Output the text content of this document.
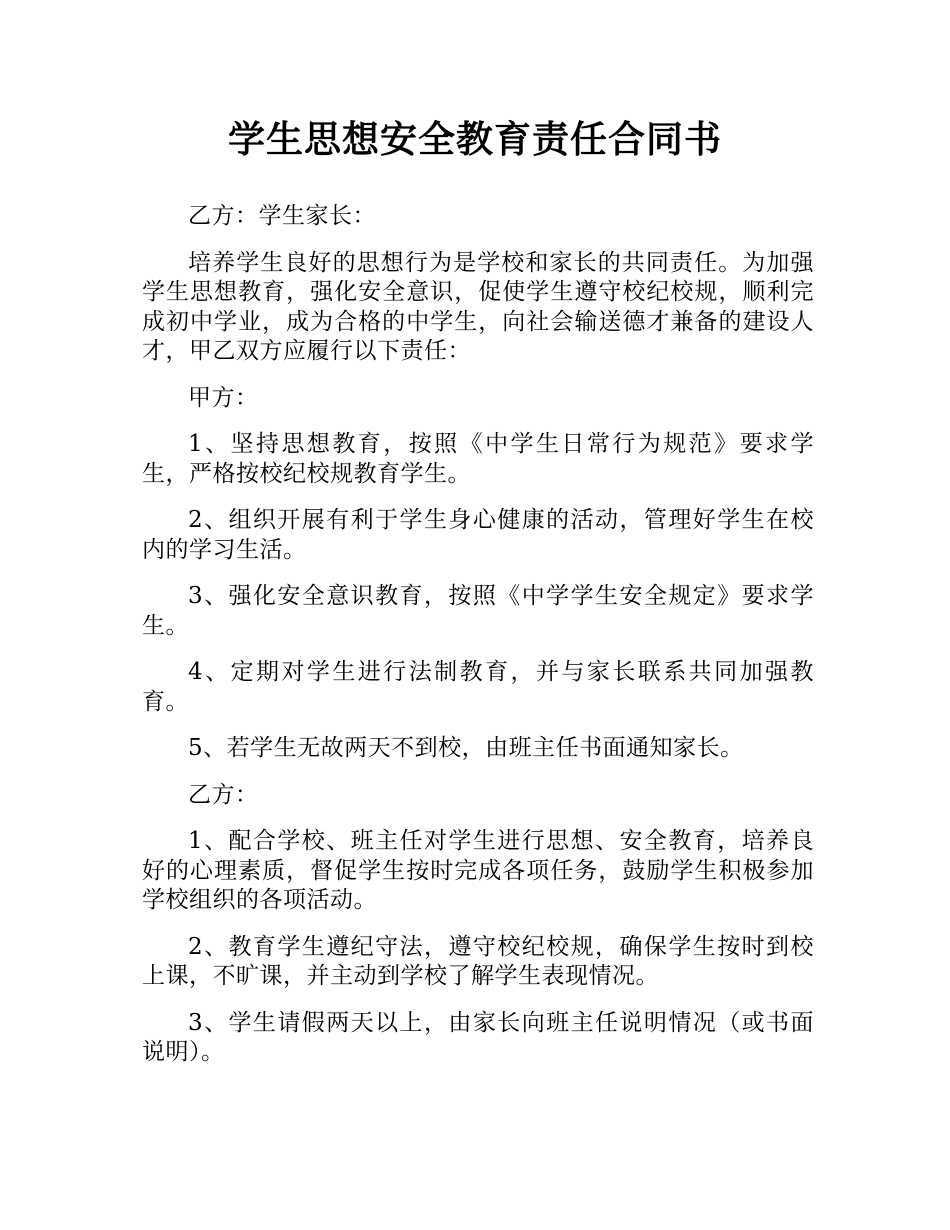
学生思想安全教育责任合同书

乙方：学生家长：

培养学生良好的思想行为是学校和家长的共同责任。为加强学生思想教育，强化安全意识，促使学生遵守校纪校规，顺利完成初中学业，成为合格的中学生，向社会输送德才兼备的建设人才，甲乙双方应履行以下责任：

甲方：

1、坚持思想教育，按照《中学生日常行为规范》要求学生，严格按校纪校规教育学生。

2、组织开展有利于学生身心健康的活动，管理好学生在校内的学习生活。

3、强化安全意识教育，按照《中学学生安全规定》要求学生。

4、定期对学生进行法制教育，并与家长联系共同加强教育。

5、若学生无故两天不到校，由班主任书面通知家长。

乙方：

1、配合学校、班主任对学生进行思想、安全教育，培养良好的心理素质，督促学生按时完成各项任务，鼓励学生积极参加学校组织的各项活动。

2、教育学生遵纪守法，遵守校纪校规，确保学生按时到校上课，不旷课，并主动到学校了解学生表现情况。

3、学生请假两天以上，由家长向班主任说明情况（或书面说明）。
